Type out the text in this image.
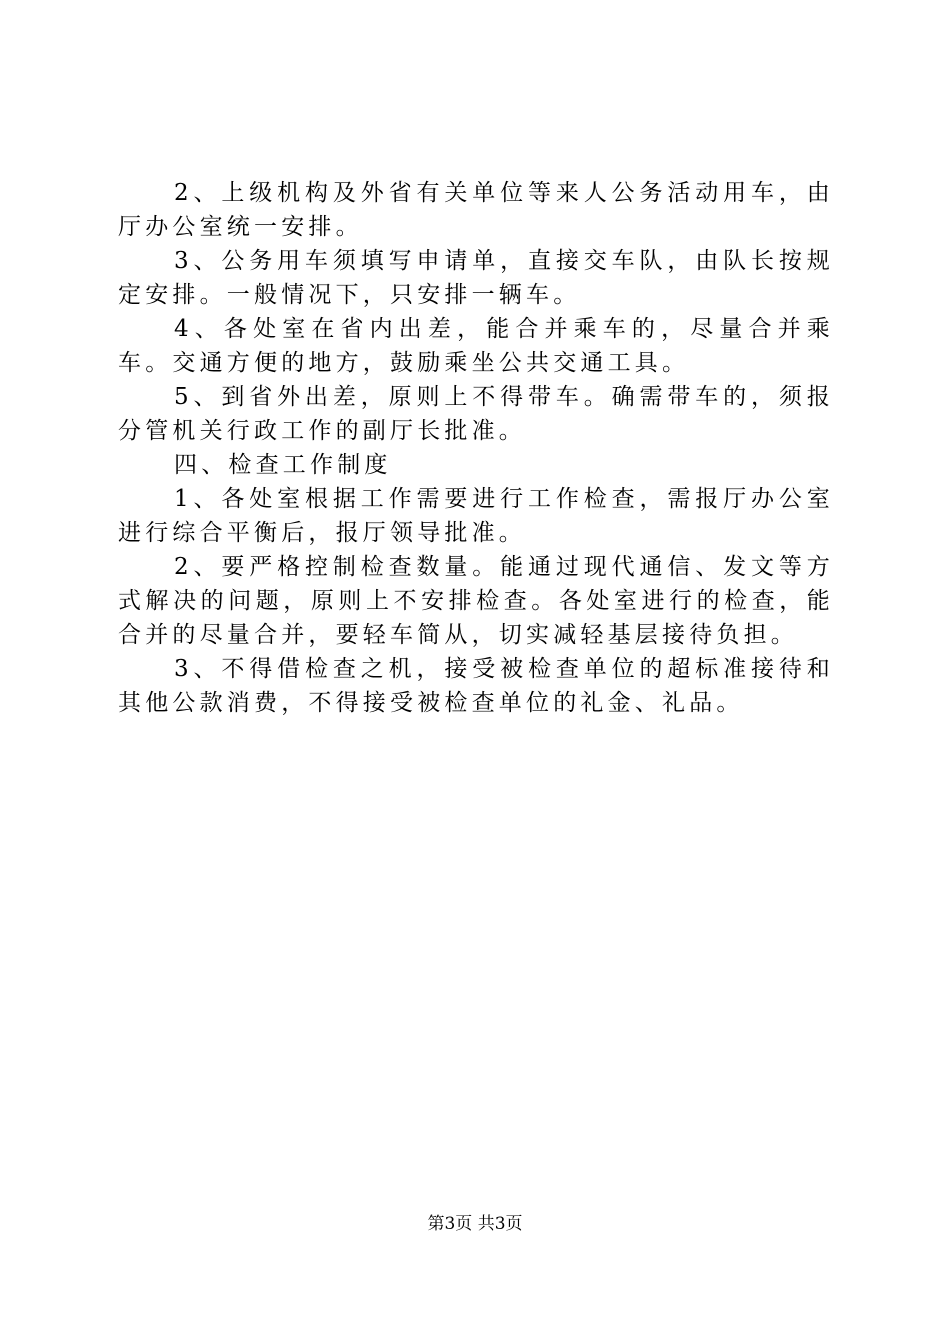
2、上级机构及外省有关单位等来人公务活动用车，由厅办公室统一安排。

3、公务用车须填写申请单，直接交车队，由队长按规定安排。一般情况下，只安排一辆车。

4、各处室在省内出差，能合并乘车的，尽量合并乘车。交通方便的地方，鼓励乘坐公共交通工具。

5、到省外出差，原则上不得带车。确需带车的，须报分管机关行政工作的副厅长批准。

四、检查工作制度

1、各处室根据工作需要进行工作检查，需报厅办公室进行综合平衡后，报厅领导批准。

2、要严格控制检查数量。能通过现代通信、发文等方式解决的问题，原则上不安排检查。各处室进行的检查，能合并的尽量合并，要轻车简从，切实减轻基层接待负担。

3、不得借检查之机，接受被检查单位的超标准接待和其他公款消费，不得接受被检查单位的礼金、礼品。

第3页 共3页
